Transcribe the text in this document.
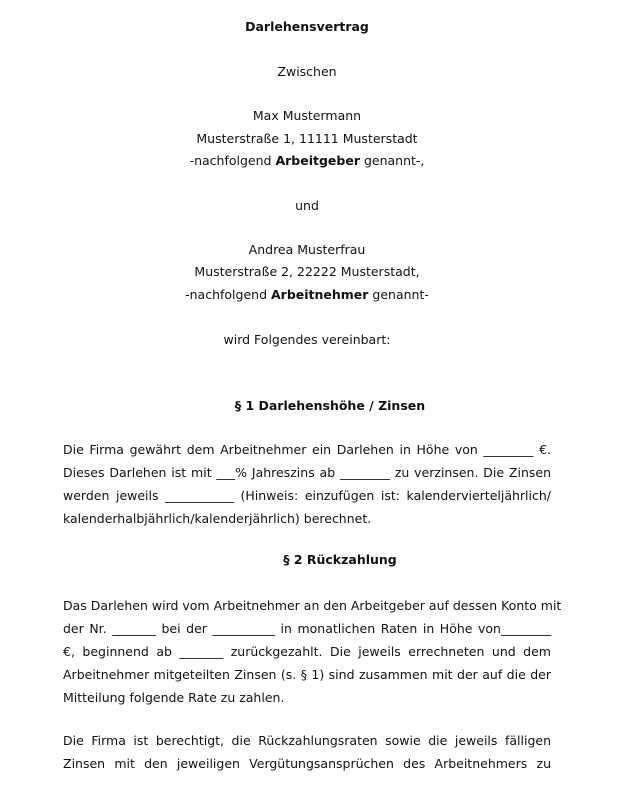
Darlehensvertrag
Zwischen
Max Mustermann
Musterstraße 1, 11111 Musterstadt
-nachfolgend Arbeitgeber genannt-,
und
Andrea Musterfrau
Musterstraße 2, 22222 Musterstadt,
-nachfolgend Arbeitnehmer genannt-
wird Folgendes vereinbart:
§ 1 Darlehenshöhe / Zinsen
Die Firma gewährt dem Arbeitnehmer ein Darlehen in Höhe von ________ €.
Dieses Darlehen ist mit ___% Jahreszins ab ________ zu verzinsen. Die Zinsen
werden jeweils ___________ (Hinweis: einzufügen ist: kalendervierteljährlich/
kalenderhalbjährlich/kalenderjährlich) berechnet.
§ 2 Rückzahlung
Das Darlehen wird vom Arbeitnehmer an den Arbeitgeber auf dessen Konto mit
der Nr. _______ bei der __________ in monatlichen Raten in Höhe von________
€, beginnend ab _______ zurückgezahlt. Die jeweils errechneten und dem
Arbeitnehmer mitgeteilten Zinsen (s. § 1) sind zusammen mit der auf die der
Mitteilung folgende Rate zu zahlen.
Die Firma ist berechtigt, die Rückzahlungsraten sowie die jeweils fälligen
Zinsen mit den jeweiligen Vergütungsansprüchen des Arbeitnehmers zu
